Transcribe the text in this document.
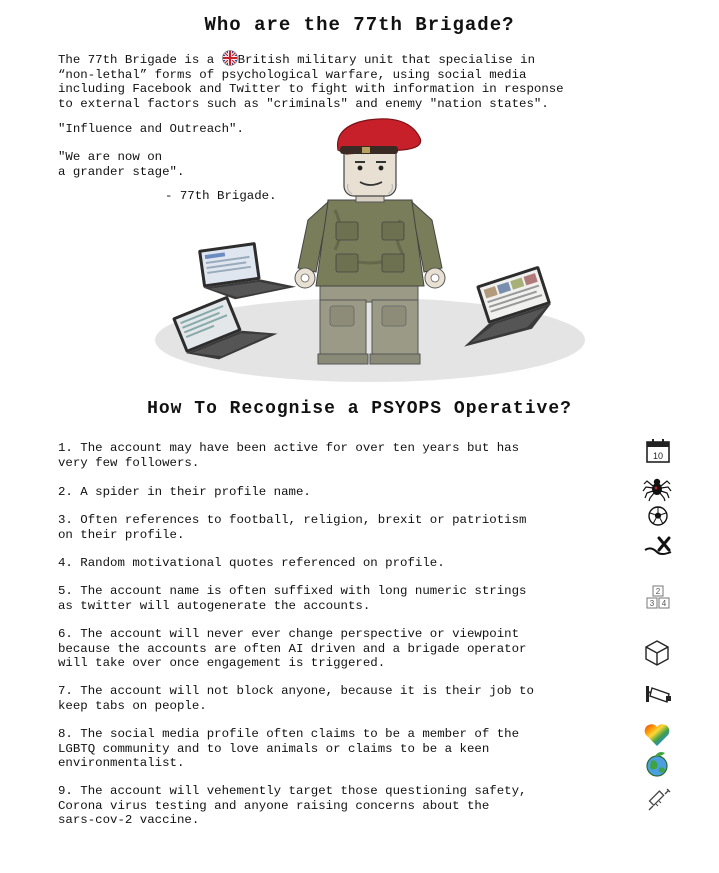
Who are the 77th Brigade?

The 77th Brigade is a British military unit that specialise in
“non-lethal” forms of psychological warfare, using social media
including Facebook and Twitter to fight with information in response
to external factors such as "criminals" and enemy "nation states".

"Influence and Outreach".

"We are now on
a grander stage".

- 77th Brigade.

How To Recognise a PSYOPS Operative?

1. The account may have been active for over ten years but has
very few followers.

2. A spider in their profile name.

3. Often references to football, religion, brexit or patriotism
on their profile.

4. Random motivational quotes referenced on profile.

5. The account name is often suffixed with long numeric strings
as twitter will autogenerate the accounts.

6. The account will never ever change perspective or viewpoint
because the accounts are often AI driven and a brigade operator
will take over once engagement is triggered.

7. The account will not block anyone, because it is their job to
keep tabs on people.

8. The social media profile often claims to be a member of the
LGBTQ community and to love animals or claims to be a keen
environmentalist.

9. The account will vehemently target those questioning safety,
Corona virus testing and anyone raising concerns about the
sars-cov-2 vaccine.

10
2
3 4
